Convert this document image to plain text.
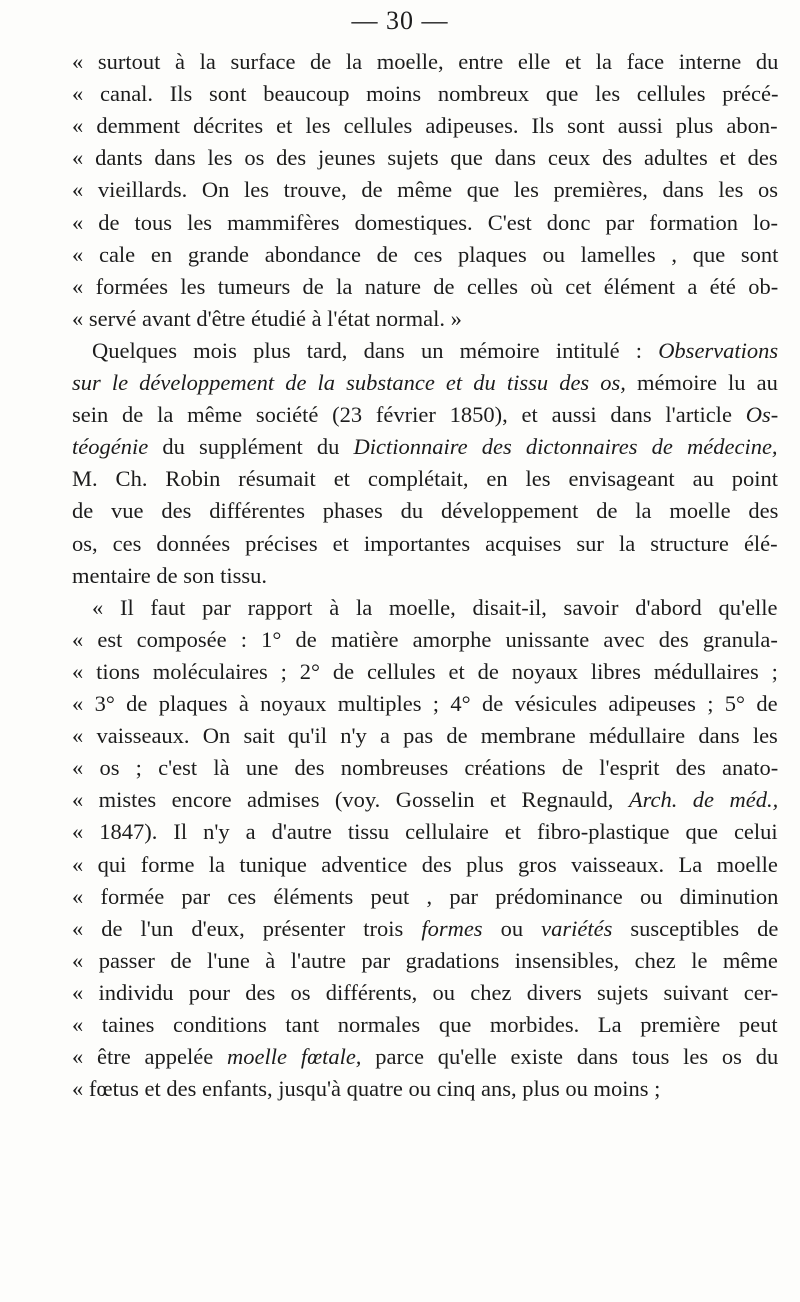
— 30 —
« surtout à la surface de la moelle, entre elle et la face interne du
« canal. Ils sont beaucoup moins nombreux que les cellules précé-
« demment décrites et les cellules adipeuses. Ils sont aussi plus abon-
« dants dans les os des jeunes sujets que dans ceux des adultes et des
« vieillards. On les trouve, de même que les premières, dans les os
« de tous les mammifères domestiques. C'est donc par formation lo-
« cale en grande abondance de ces plaques ou lamelles , que sont
« formées les tumeurs de la nature de celles où cet élément a été ob-
« servé avant d'être étudié à l'état normal. »
Quelques mois plus tard, dans un mémoire intitulé : Observations
sur le développement de la substance et du tissu des os, mémoire lu au
sein de la même société (23 février 1850), et aussi dans l'article Os-
téogénie du supplément du Dictionnaire des dictonnaires de médecine,
M. Ch. Robin résumait et complétait, en les envisageant au point
de vue des différentes phases du développement de la moelle des
os, ces données précises et importantes acquises sur la structure élé-
mentaire de son tissu.
« Il faut par rapport à la moelle, disait-il, savoir d'abord qu'elle
« est composée : 1° de matière amorphe unissante avec des granula-
« tions moléculaires ; 2° de cellules et de noyaux libres médullaires ;
« 3° de plaques à noyaux multiples ; 4° de vésicules adipeuses ; 5° de
« vaisseaux. On sait qu'il n'y a pas de membrane médullaire dans les
« os ; c'est là une des nombreuses créations de l'esprit des anato-
« mistes encore admises (voy. Gosselin et Regnauld, Arch. de méd.,
« 1847). Il n'y a d'autre tissu cellulaire et fibro-plastique que celui
« qui forme la tunique adventice des plus gros vaisseaux. La moelle
« formée par ces éléments peut , par prédominance ou diminution
« de l'un d'eux, présenter trois formes ou variétés susceptibles de
« passer de l'une à l'autre par gradations insensibles, chez le même
« individu pour des os différents, ou chez divers sujets suivant cer-
« taines conditions tant normales que morbides. La première peut
« être appelée moelle fœtale, parce qu'elle existe dans tous les os du
« fœtus et des enfants, jusqu'à quatre ou cinq ans, plus ou moins ;
